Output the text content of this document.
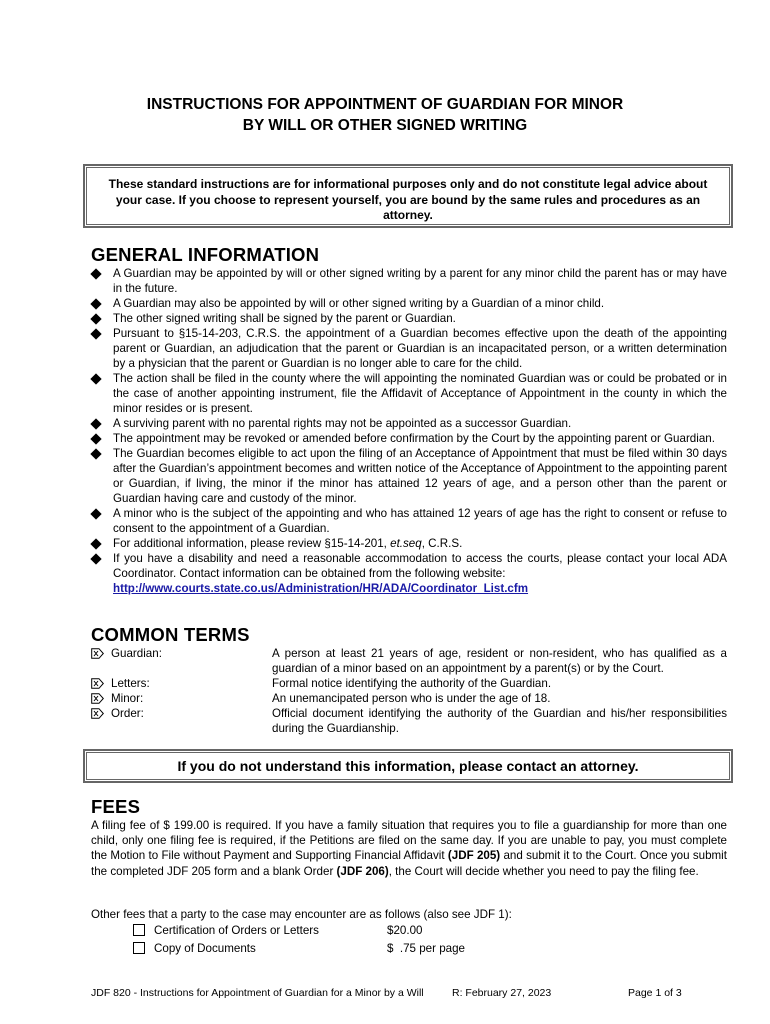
INSTRUCTIONS FOR APPOINTMENT OF GUARDIAN FOR MINOR
BY WILL OR OTHER SIGNED WRITING
These standard instructions are for informational purposes only and do not constitute legal advice about your case. If you choose to represent yourself, you are bound by the same rules and procedures as an attorney.
GENERAL INFORMATION
A Guardian may be appointed by will or other signed writing by a parent for any minor child the parent has or may have in the future.
A Guardian may also be appointed by will or other signed writing by a Guardian of a minor child.
The other signed writing shall be signed by the parent or Guardian.
Pursuant to §15-14-203, C.R.S. the appointment of a Guardian becomes effective upon the death of the appointing parent or Guardian, an adjudication that the parent or Guardian is an incapacitated person, or a written determination by a physician that the parent or Guardian is no longer able to care for the child.
The action shall be filed in the county where the will appointing the nominated Guardian was or could be probated or in the case of another appointing instrument, file the Affidavit of Acceptance of Appointment in the county in which the minor resides or is present.
A surviving parent with no parental rights may not be appointed as a successor Guardian.
The appointment may be revoked or amended before confirmation by the Court by the appointing parent or Guardian.
The Guardian becomes eligible to act upon the filing of an Acceptance of Appointment that must be filed within 30 days after the Guardian’s appointment becomes and written notice of the Acceptance of Appointment to the appointing parent or Guardian, if living, the minor if the minor has attained 12 years of age, and a person other than the parent or Guardian having care and custody of the minor.
A minor who is the subject of the appointing and who has attained 12 years of age has the right to consent or refuse to consent to the appointment of a Guardian.
For additional information, please review §15-14-201, et.seq, C.R.S.
If you have a disability and need a reasonable accommodation to access the courts, please contact your local ADA Coordinator. Contact information can be obtained from the following website:
http://www.courts.state.co.us/Administration/HR/ADA/Coordinator_List.cfm
COMMON TERMS
Guardian:	A person at least 21 years of age, resident or non-resident, who has qualified as a guardian of a minor based on an appointment by a parent(s) or by the Court.
Letters:	Formal notice identifying the authority of the Guardian.
Minor:	An unemancipated person who is under the age of 18.
Order:	Official document identifying the authority of the Guardian and his/her responsibilities during the Guardianship.
If you do not understand this information, please contact an attorney.
FEES
A filing fee of $ 199.00 is required. If you have a family situation that requires you to file a guardianship for more than one child, only one filing fee is required, if the Petitions are filed on the same day. If you are unable to pay, you must complete the Motion to File without Payment and Supporting Financial Affidavit (JDF 205) and submit it to the Court. Once you submit the completed JDF 205 form and a blank Order (JDF 206), the Court will decide whether you need to pay the filing fee.
Other fees that a party to the case may encounter are as follows (also see JDF 1):
Certification of Orders or Letters	$20.00
Copy of Documents	$  .75 per page
JDF 820 - Instructions for Appointment of Guardian for a Minor by a Will	R: February 27, 2023	Page 1 of 3
